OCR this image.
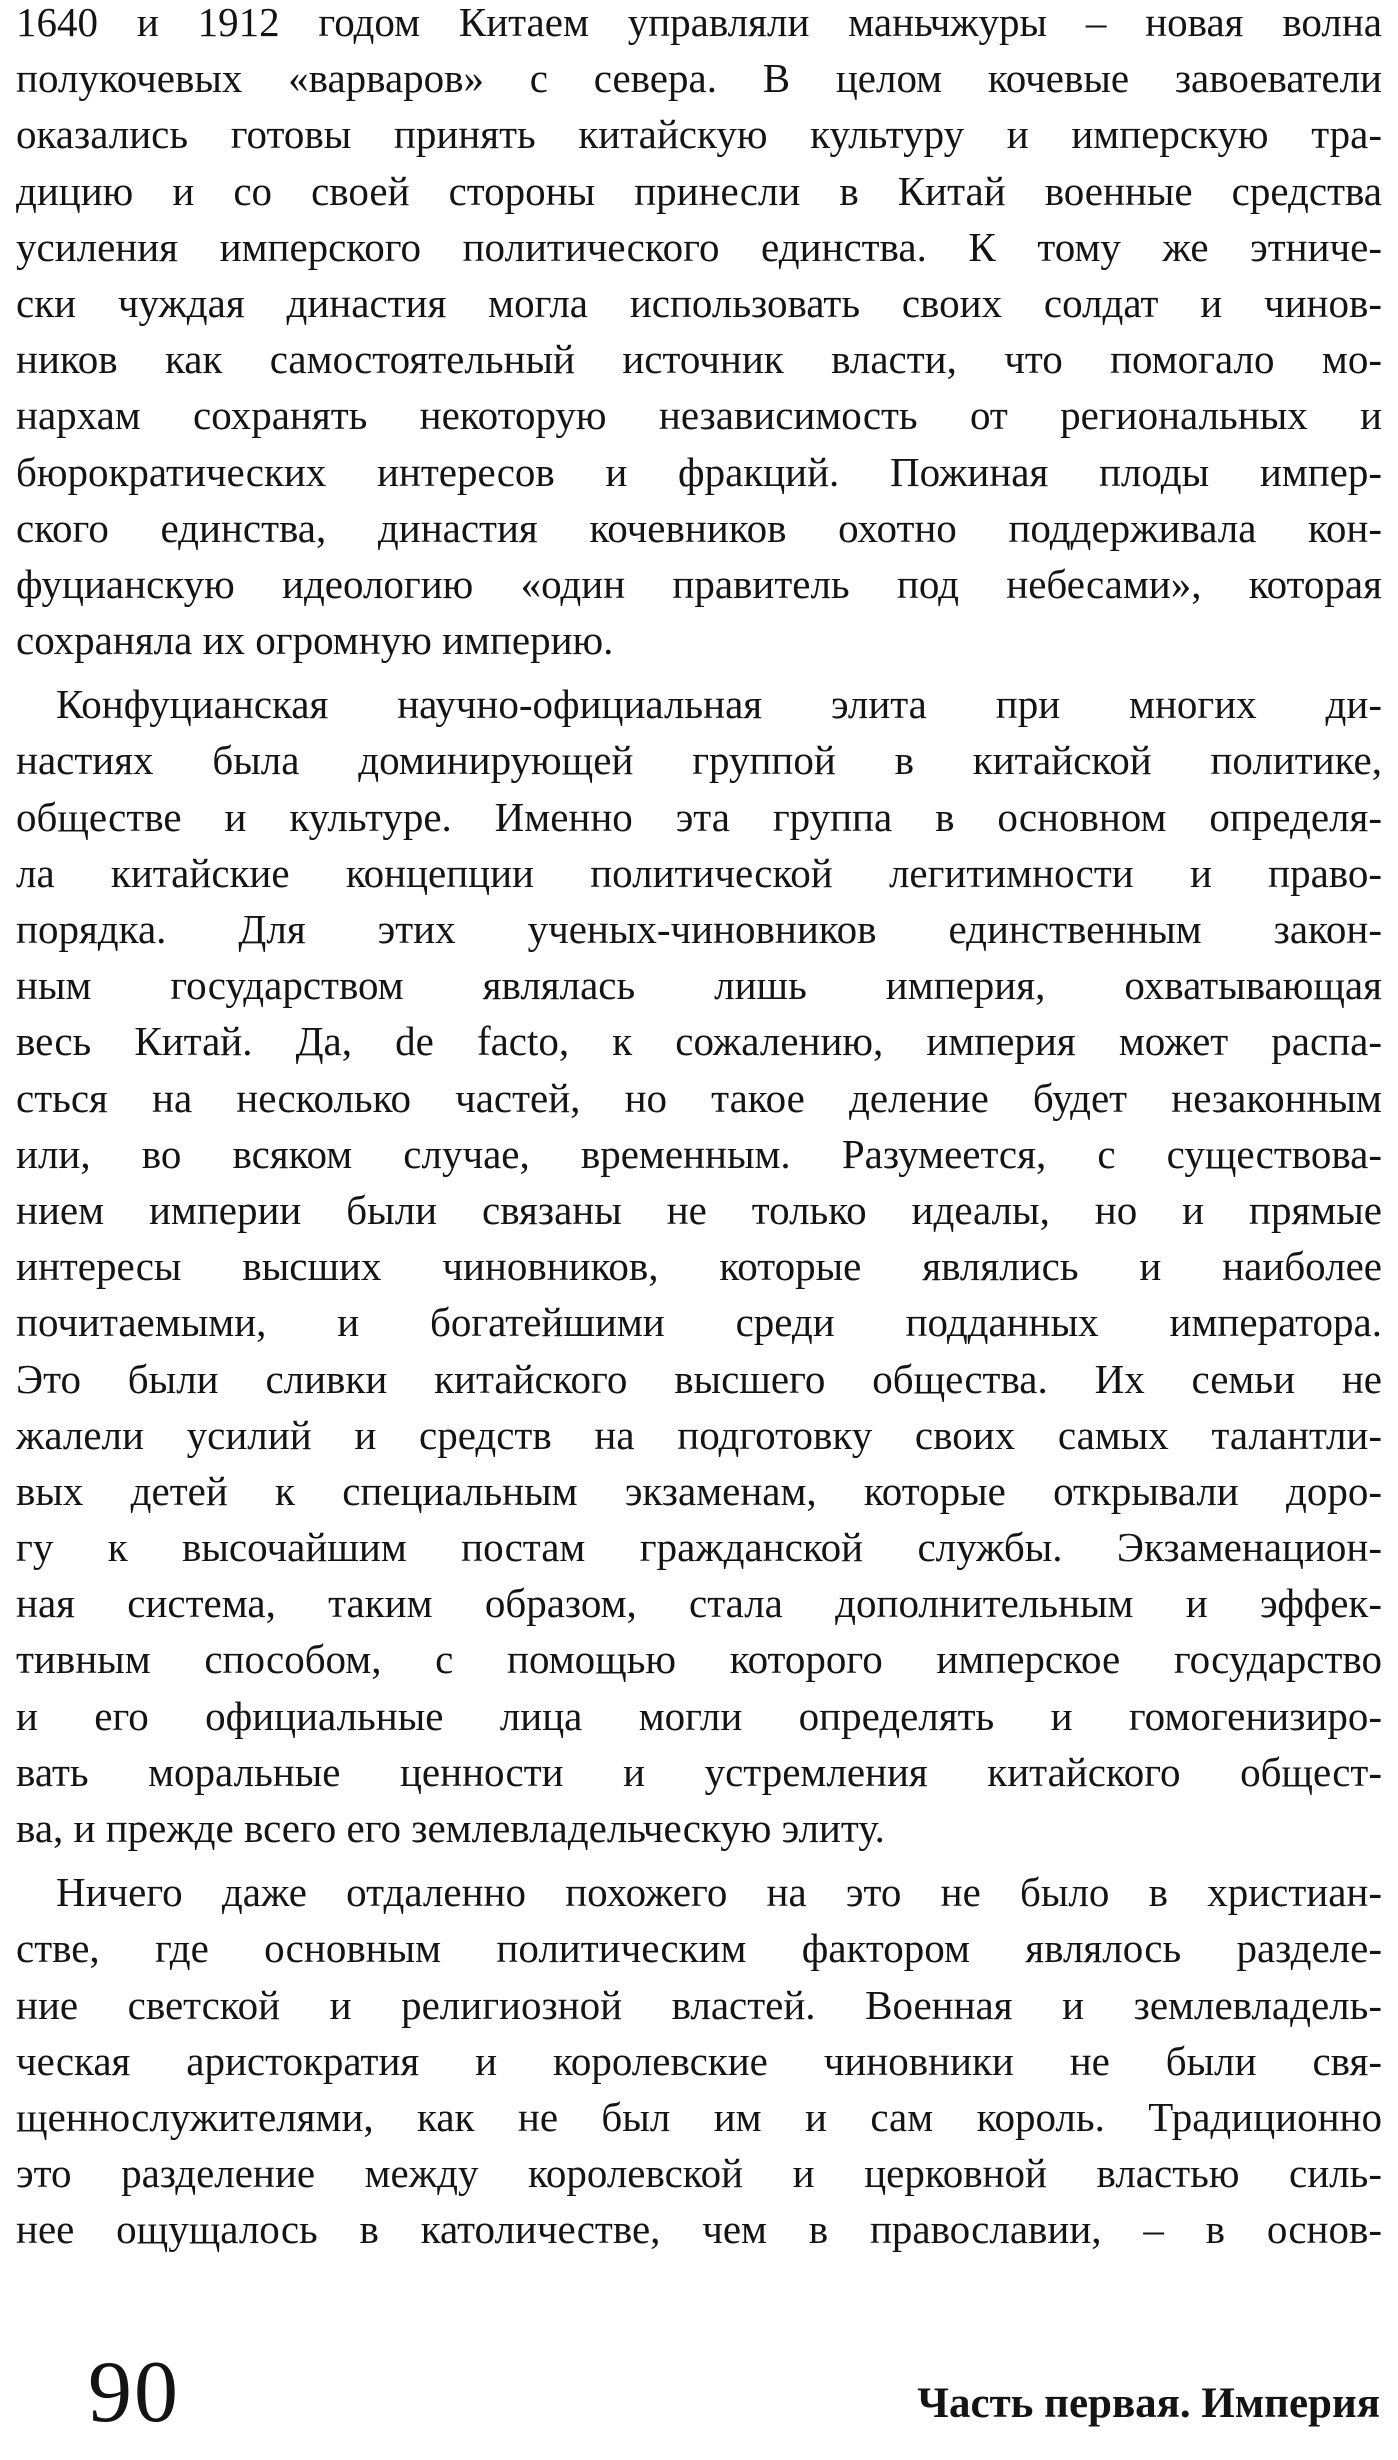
1640 и 1912 годом Китаем управляли маньчжуры – новая волна
полукочевых «варваров» с севера. В целом кочевые завоеватели
оказались готовы принять китайскую культуру и имперскую тра-
дицию и со своей стороны принесли в Китай военные средства
усиления имперского политического единства. К тому же этниче-
ски чуждая династия могла использовать своих солдат и чинов-
ников как самостоятельный источник власти, что помогало мо-
нархам сохранять некоторую независимость от региональных и
бюрократических интересов и фракций. Пожиная плоды импер-
ского единства, династия кочевников охотно поддерживала кон-
фуцианскую идеологию «один правитель под небесами», которая
сохраняла их огромную империю.
Конфуцианская научно-официальная элита при многих ди-
настиях была доминирующей группой в китайской политике,
обществе и культуре. Именно эта группа в основном определя-
ла китайские концепции политической легитимности и право-
порядка. Для этих ученых-чиновников единственным закон-
ным государством являлась лишь империя, охватывающая
весь Китай. Да, de facto, к сожалению, империя может распа-
сться на несколько частей, но такое деление будет незаконным
или, во всяком случае, временным. Разумеется, с существова-
нием империи были связаны не только идеалы, но и прямые
интересы высших чиновников, которые являлись и наиболее
почитаемыми, и богатейшими среди подданных императора.
Это были сливки китайского высшего общества. Их семьи не
жалели усилий и средств на подготовку своих самых талантли-
вых детей к специальным экзаменам, которые открывали доро-
гу к высочайшим постам гражданской службы. Экзаменацион-
ная система, таким образом, стала дополнительным и эффек-
тивным способом, с помощью которого имперское государство
и его официальные лица могли определять и гомогенизиро-
вать моральные ценности и устремления китайского общест-
ва, и прежде всего его землевладельческую элиту.
Ничего даже отдаленно похожего на это не было в христиан-
стве, где основным политическим фактором являлось разделе-
ние светской и религиозной властей. Военная и землевладель-
ческая аристократия и королевские чиновники не были свя-
щеннослужителями, как не был им и сам король. Традиционно
это разделение между королевской и церковной властью силь-
нее ощущалось в католичестве, чем в православии, – в основ-
90	Часть первая. Империя
